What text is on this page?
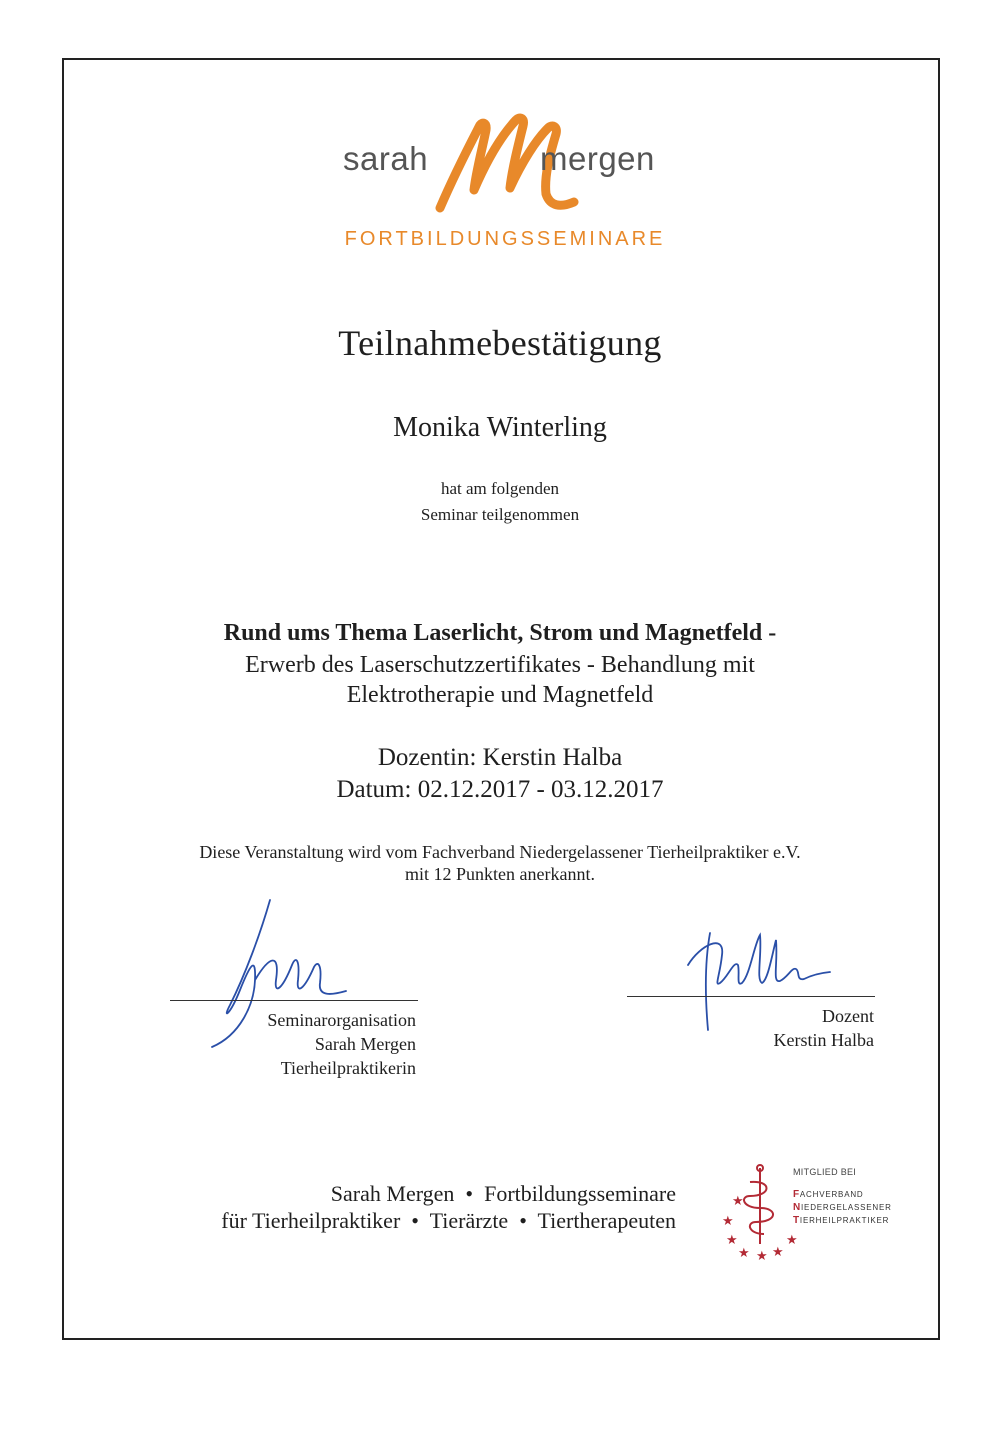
sarah	mergen
FORTBILDUNGSSEMINARE
Teilnahmebestätigung
Monika Winterling
hat am folgenden
Seminar teilgenommen
Rund ums Thema Laserlicht, Strom und Magnetfeld -
Erwerb des Laserschutzzertifikates - Behandlung mit
Elektrotherapie und Magnetfeld
Dozentin: Kerstin Halba
Datum: 02.12.2017 - 03.12.2017
Diese Veranstaltung wird vom Fachverband Niedergelassener Tierheilpraktiker e.V.
mit 12 Punkten anerkannt.
Seminarorganisation
Sarah Mergen
Tierheilpraktikerin
Dozent
Kerstin Halba
Sarah Mergen • Fortbildungsseminare
für Tierheilpraktiker • Tierärzte • Tiertherapeuten
★
★
★
★ ★ ★
★
MITGLIED BEI
FACHVERBAND
NIEDERGELASSENER
TIERHEILPRAKTIKER
